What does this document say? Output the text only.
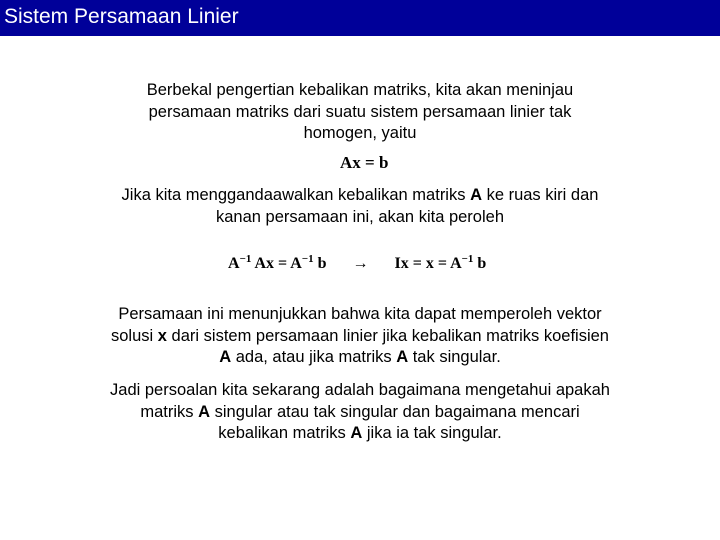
Sistem Persamaan Linier
Berbekal pengertian kebalikan matriks, kita akan meninjau
persamaan matriks dari suatu sistem persamaan linier tak
homogen, yaitu
Ax = b
Jika kita menggandaawalkan kebalikan matriks A ke ruas kiri dan
kanan persamaan ini, akan kita peroleh
$A^{-1}$ $Ax = A^{-1}$ $b \to Ix = x = A^{-1}$ b
Persamaan ini menunjukkan bahwa kita dapat memperoleh vektor
solusi x dari sistem persamaan linier jika kebalikan matriks koefisien
A ada, atau jika matriks A tak singular.
Jadi persoalan kita sekarang adalah bagaimana mengetahui apakah
matriks A singular atau tak singular dan bagaimana mencari
kebalikan matriks A jika ia tak singular.
